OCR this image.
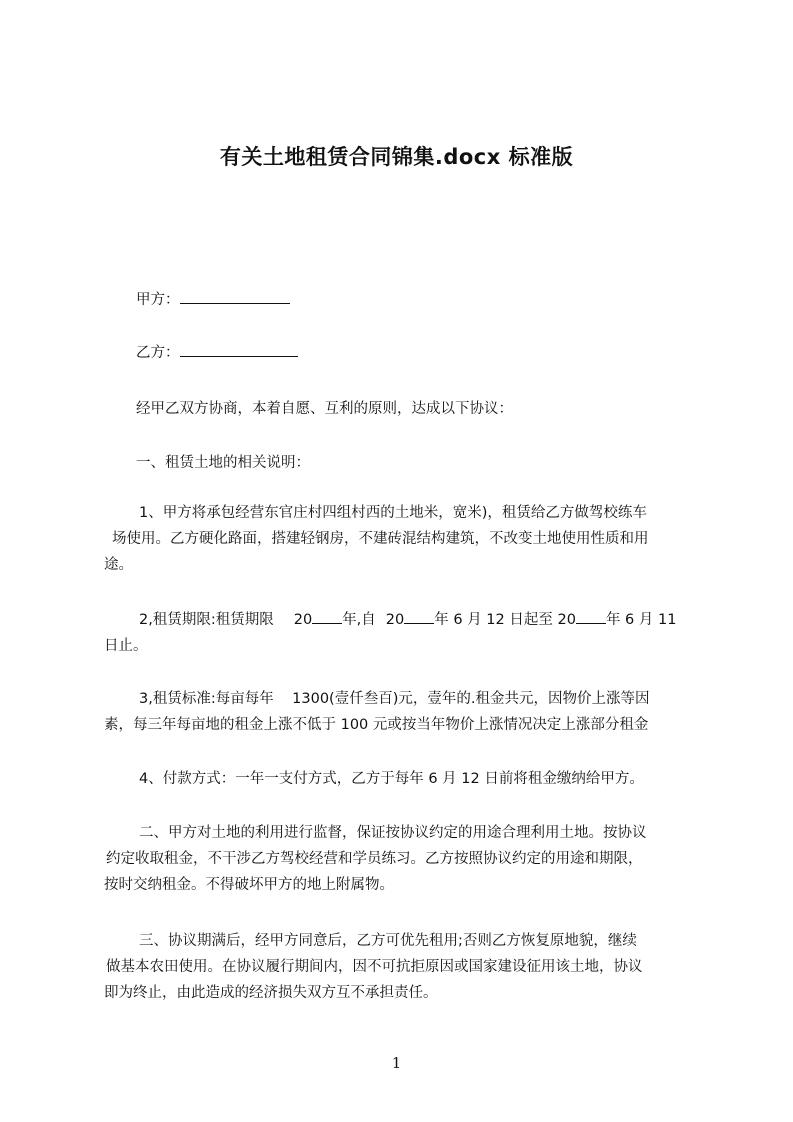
有关土地租赁合同锦集.docx 标准版
甲方：
乙方：
经甲乙双方协商，本着自愿、互利的原则，达成以下协议：
一、租赁土地的相关说明：
1、甲方将承包经营东官庄村四组村西的土地米，宽米)，租赁给乙方做驾校练车
场使用。乙方硬化路面，搭建轻钢房，不建砖混结构建筑，不改变土地使用性质和用
途。
2,租赁期限:租赁期限 20 年,自 20 年 6 月 12 日起至 20 年 6 月 11
日止。
3,租赁标准:每亩每年    1300(壹仟叁百)元，壹年的.租金共元，因物价上涨等因
素，每三年每亩地的租金上涨不低于 100 元或按当年物价上涨情况决定上涨部分租金
4、付款方式：一年一支付方式，乙方于每年 6 月 12 日前将租金缴纳给甲方。
二、甲方对土地的利用进行监督，保证按协议约定的用途合理利用土地。按协议
约定收取租金，不干涉乙方驾校经营和学员练习。乙方按照协议约定的用途和期限，
按时交纳租金。不得破坏甲方的地上附属物。
三、协议期满后，经甲方同意后，乙方可优先租用;否则乙方恢复原地貌，继续
做基本农田使用。在协议履行期间内，因不可抗拒原因或国家建设征用该土地，协议
即为终止，由此造成的经济损失双方互不承担责任。
1
